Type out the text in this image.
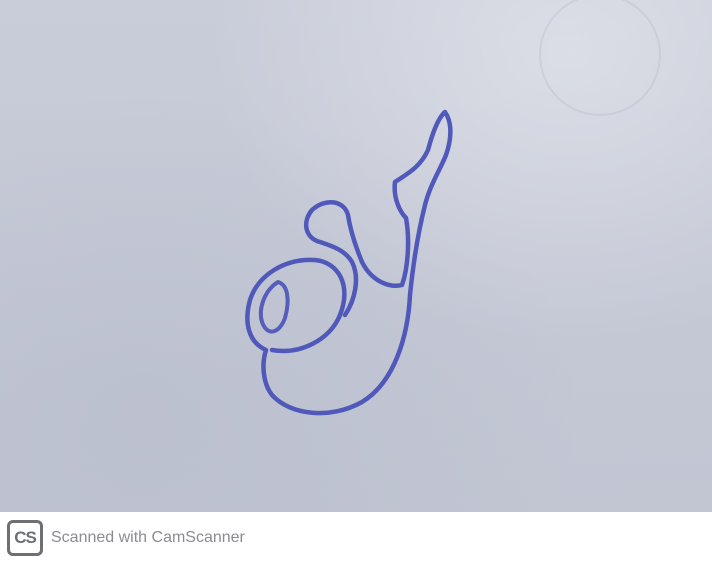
CS Scanned with CamScanner
